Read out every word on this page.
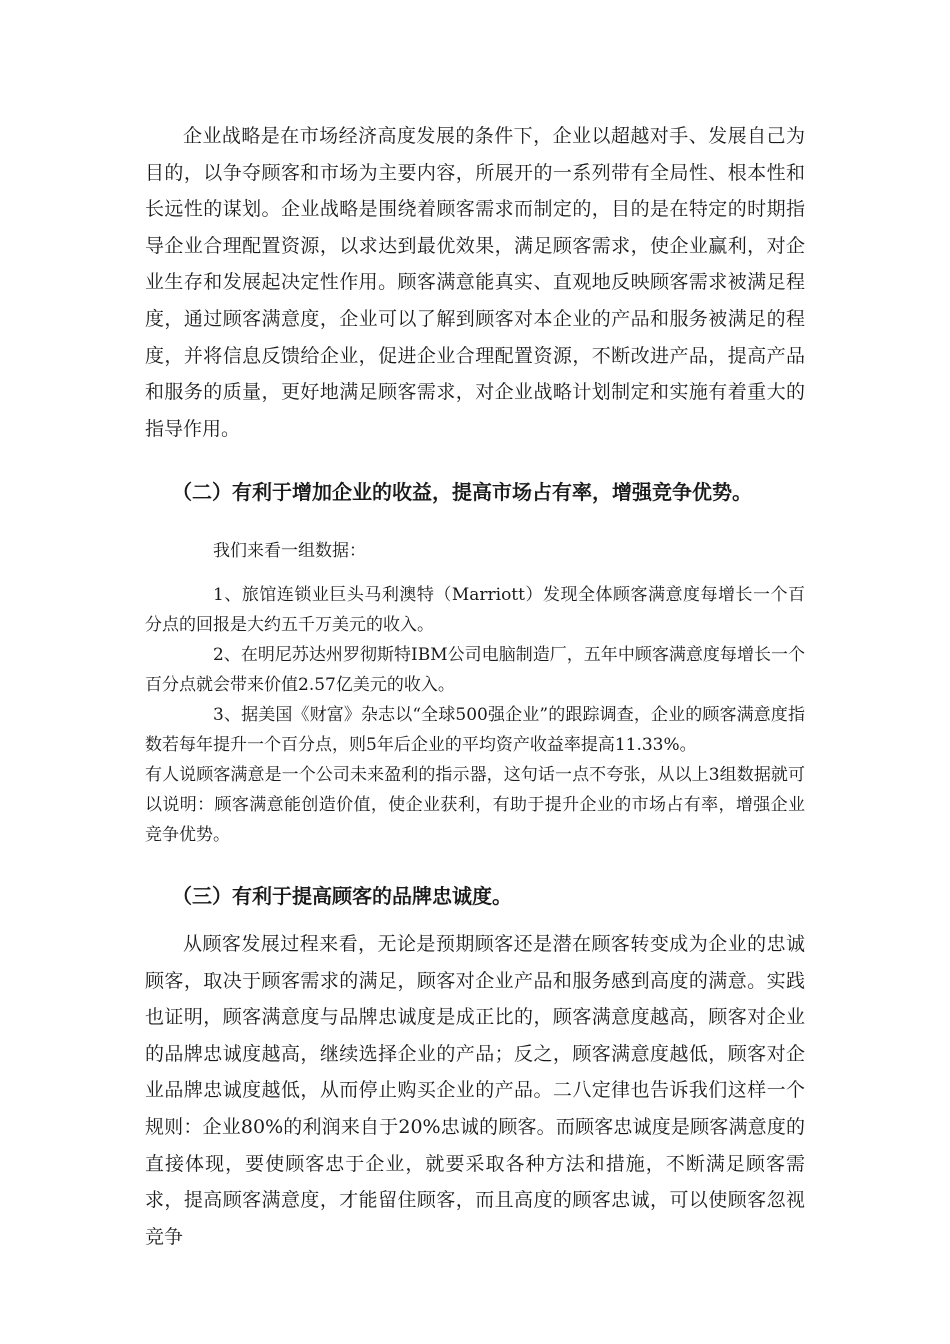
企业战略是在市场经济高度发展的条件下，企业以超越对手、发展自己为目的，以争夺顾客和市场为主要内容，所展开的一系列带有全局性、根本性和长远性的谋划。企业战略是围绕着顾客需求而制定的，目的是在特定的时期指导企业合理配置资源，以求达到最优效果，满足顾客需求，使企业赢利，对企业生存和发展起决定性作用。顾客满意能真实、直观地反映顾客需求被满足程度，通过顾客满意度，企业可以了解到顾客对本企业的产品和服务被满足的程度，并将信息反馈给企业，促进企业合理配置资源，不断改进产品，提高产品和服务的质量，更好地满足顾客需求，对企业战略计划制定和实施有着重大的指导作用。

（二）有利于增加企业的收益，提高市场占有率，增强竞争优势。

我们来看一组数据：

1、旅馆连锁业巨头马利澳特（Marriott）发现全体顾客满意度每增长一个百分点的回报是大约五千万美元的收入。

2、在明尼苏达州罗彻斯特IBM公司电脑制造厂，五年中顾客满意度每增长一个百分点就会带来价值2.57亿美元的收入。

3、据美国《财富》杂志以“全球500强企业”的跟踪调查，企业的顾客满意度指数若每年提升一个百分点，则5年后企业的平均资产收益率提高11.33%。

有人说顾客满意是一个公司未来盈利的指示器，这句话一点不夸张，从以上3组数据就可以说明：顾客满意能创造价值，使企业获利，有助于提升企业的市场占有率，增强企业竞争优势。

（三）有利于提高顾客的品牌忠诚度。

从顾客发展过程来看，无论是预期顾客还是潜在顾客转变成为企业的忠诚顾客，取决于顾客需求的满足，顾客对企业产品和服务感到高度的满意。实践也证明，顾客满意度与品牌忠诚度是成正比的，顾客满意度越高，顾客对企业的品牌忠诚度越高，继续选择企业的产品；反之，顾客满意度越低，顾客对企业品牌忠诚度越低，从而停止购买企业的产品。二八定律也告诉我们这样一个规则：企业80%的利润来自于20%忠诚的顾客。而顾客忠诚度是顾客满意度的直接体现，要使顾客忠于企业，就要采取各种方法和措施，不断满足顾客需求，提高顾客满意度，才能留住顾客，而且高度的顾客忠诚，可以使顾客忽视竞争
